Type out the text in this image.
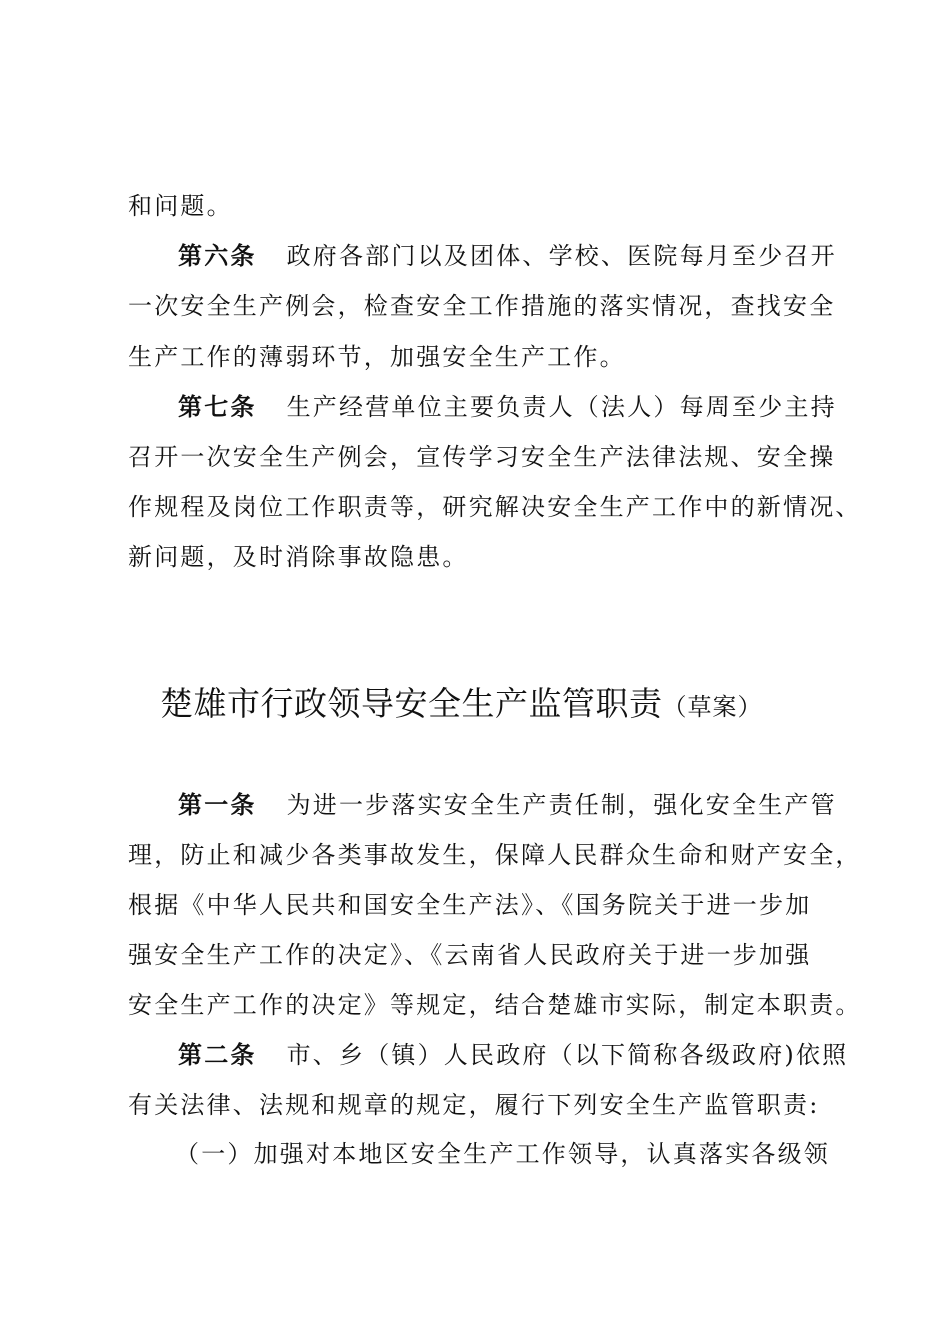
和问题。
第六条 政府各部门以及团体、学校、医院每月至少召开
一次安全生产例会，检查安全工作措施的落实情况，查找安全
生产工作的薄弱环节，加强安全生产工作。
第七条 生产经营单位主要负责人（法人）每周至少主持
召开一次安全生产例会，宣传学习安全生产法律法规、安全操
作规程及岗位工作职责等，研究解决安全生产工作中的新情况、
新问题，及时消除事故隐患。
楚雄市行政领导安全生产监管职责（草案）
第一条 为进一步落实安全生产责任制，强化安全生产管
理，防止和减少各类事故发生，保障人民群众生命和财产安全，
根据《中华人民共和国安全生产法》、《国务院关于进一步加
强安全生产工作的决定》、《云南省人民政府关于进一步加强
安全生产工作的决定》等规定，结合楚雄市实际，制定本职责。
第二条 市、乡（镇）人民政府（以下简称各级政府)依照
有关法律、法规和规章的规定，履行下列安全生产监管职责:
（一）加强对本地区安全生产工作领导，认真落实各级领
